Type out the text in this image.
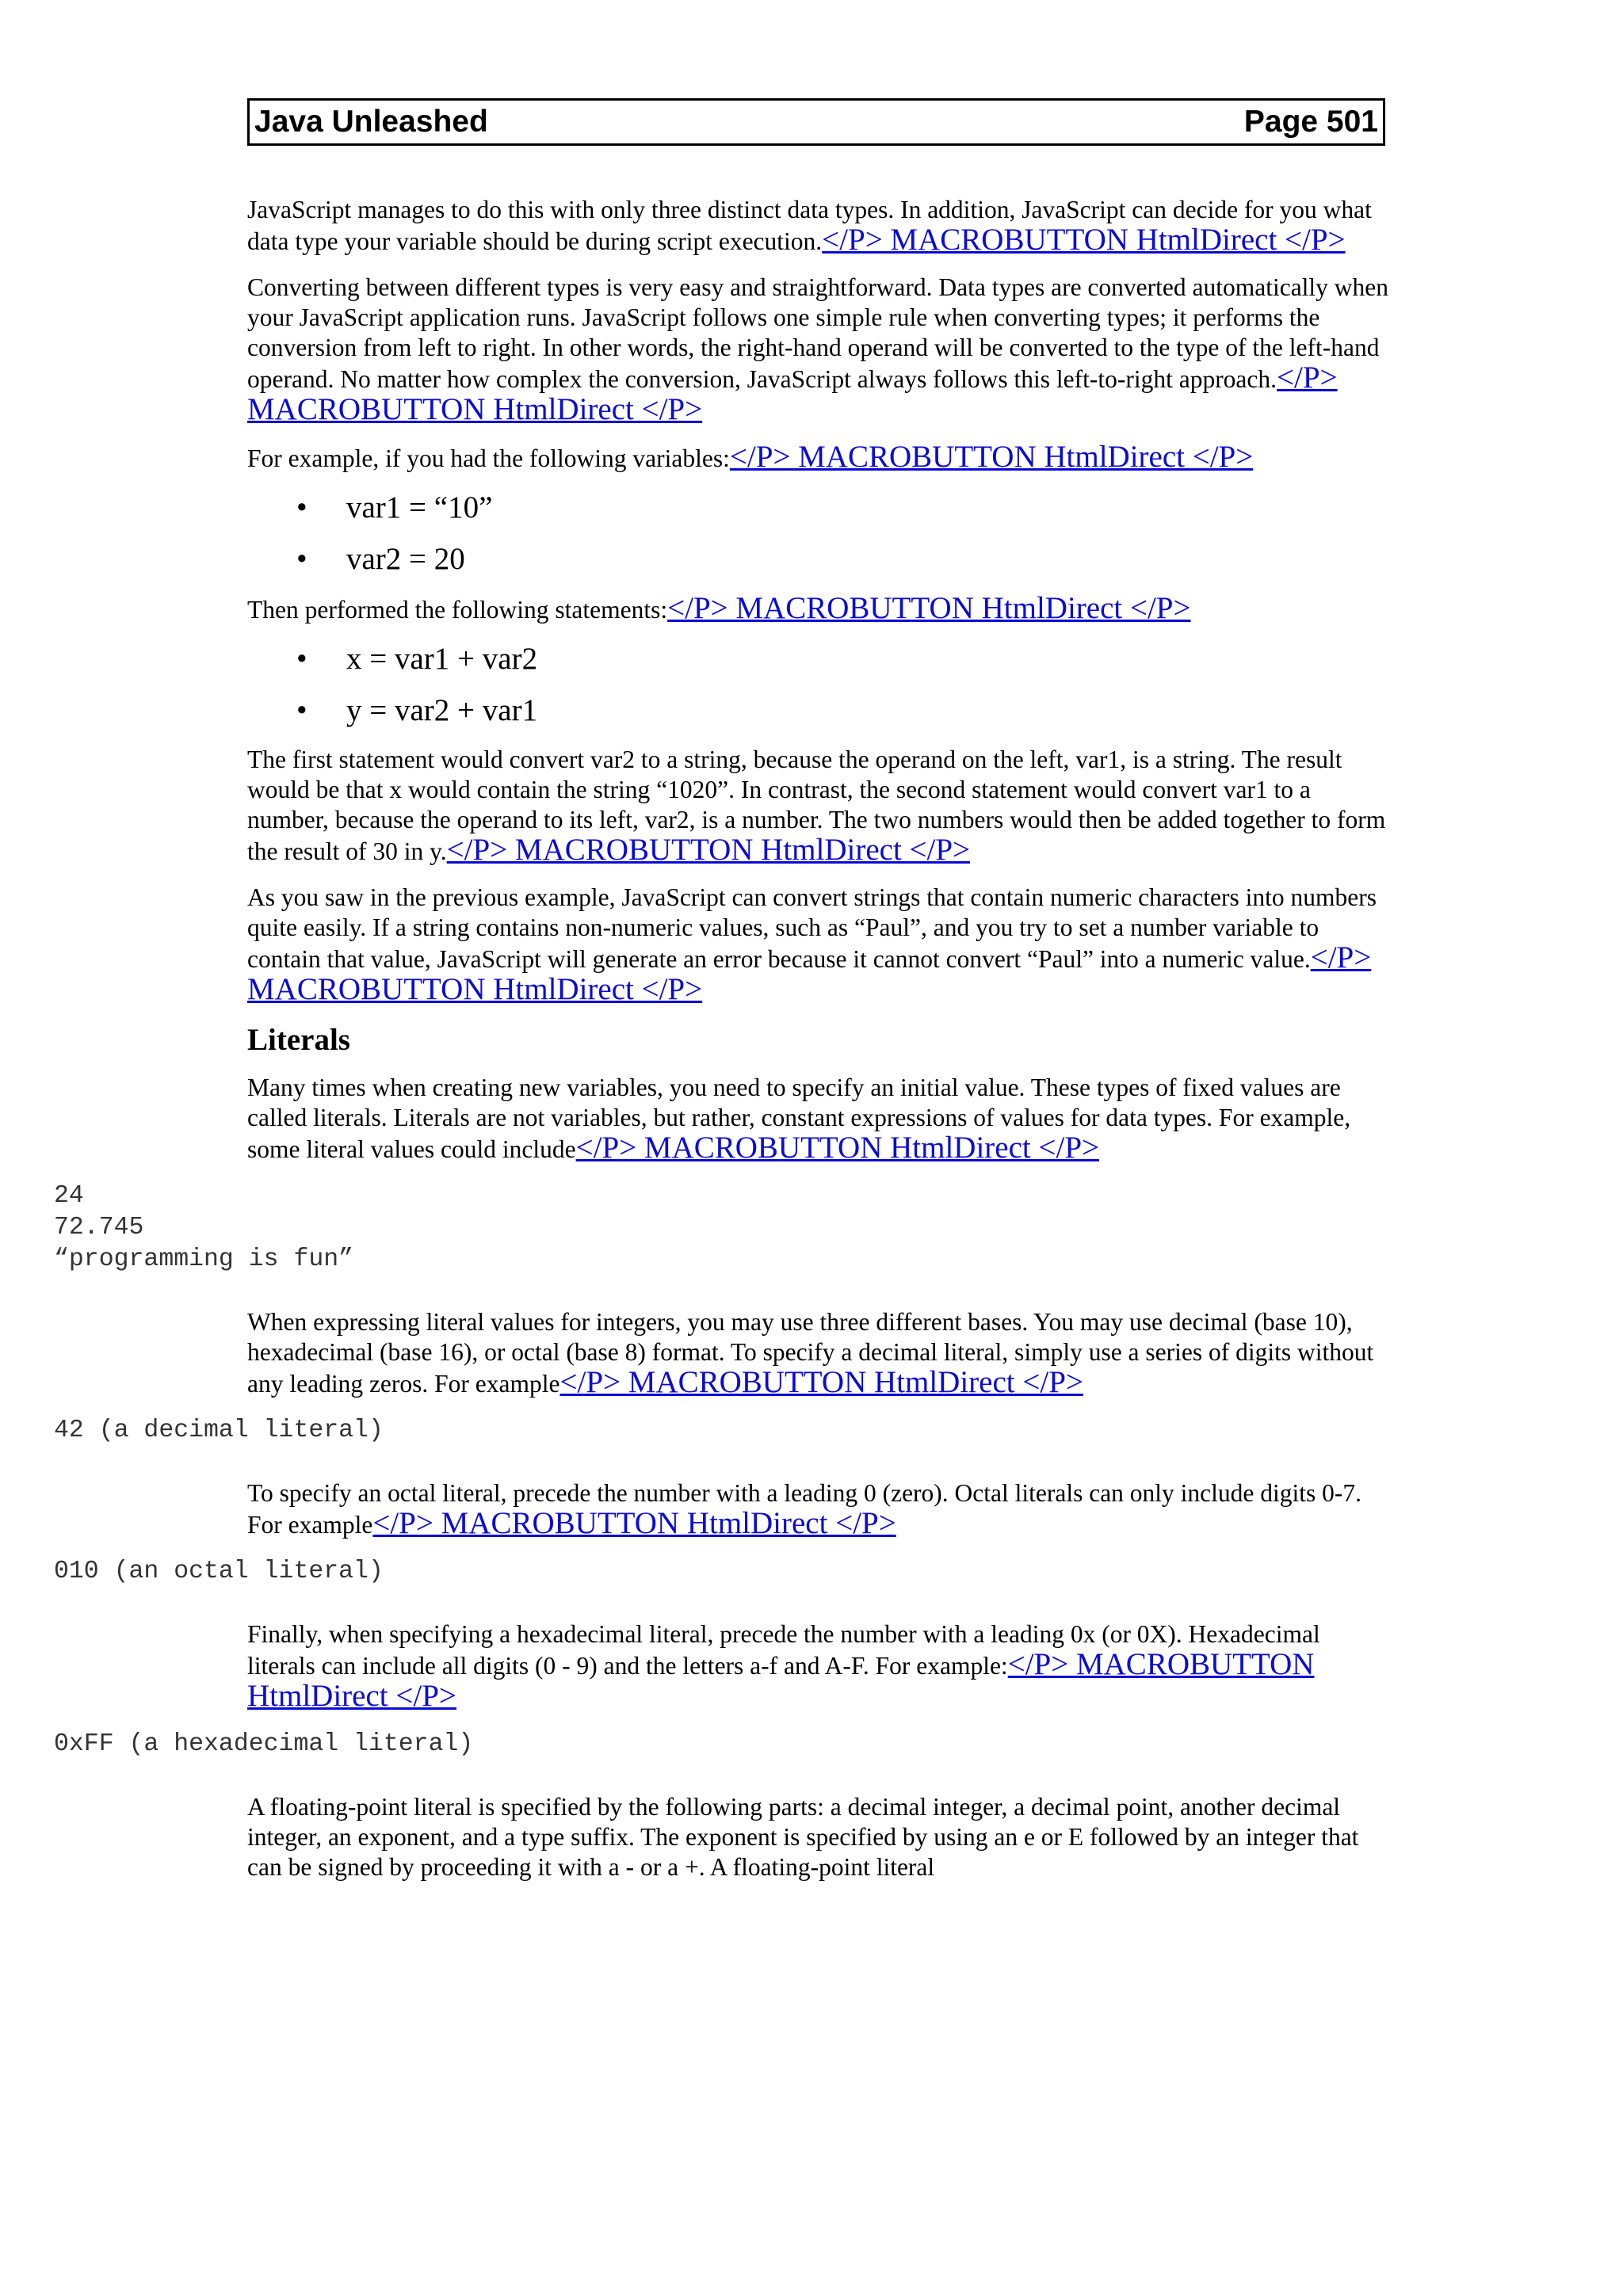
Java Unleashed	Page 501

JavaScript manages to do this with only three distinct data types. In addition, JavaScript can decide for you what data type your variable should be during script execution.</P> MACROBUTTON HtmlDirect </P>

Converting between different types is very easy and straightforward. Data types are converted automatically when your JavaScript application runs. JavaScript follows one simple rule when converting types; it performs the conversion from left to right. In other words, the right-hand operand will be converted to the type of the left-hand operand. No matter how complex the conversion, JavaScript always follows this left-to-right approach.</P> MACROBUTTON HtmlDirect </P>

For example, if you had the following variables:</P> MACROBUTTON HtmlDirect </P>

• var1 = “10”
• var2 = 20

Then performed the following statements:</P> MACROBUTTON HtmlDirect </P>

• x = var1 + var2
• y = var2 + var1

The first statement would convert var2 to a string, because the operand on the left, var1, is a string. The result would be that x would contain the string “1020”. In contrast, the second statement would convert var1 to a number, because the operand to its left, var2, is a number. The two numbers would then be added together to form the result of 30 in y.</P> MACROBUTTON HtmlDirect </P>

As you saw in the previous example, JavaScript can convert strings that contain numeric characters into numbers quite easily. If a string contains non-numeric values, such as “Paul”, and you try to set a number variable to contain that value, JavaScript will generate an error because it cannot convert “Paul” into a numeric value.</P> MACROBUTTON HtmlDirect </P>

Literals

Many times when creating new variables, you need to specify an initial value. These types of fixed values are called literals. Literals are not variables, but rather, constant expressions of values for data types. For example, some literal values could include</P> MACROBUTTON HtmlDirect </P>

24
72.745
“programming is fun”

When expressing literal values for integers, you may use three different bases. You may use decimal (base 10), hexadecimal (base 16), or octal (base 8) format. To specify a decimal literal, simply use a series of digits without any leading zeros. For example</P> MACROBUTTON HtmlDirect </P>

42 (a decimal literal)

To specify an octal literal, precede the number with a leading 0 (zero). Octal literals can only include digits 0-7. For example</P> MACROBUTTON HtmlDirect </P>

010 (an octal literal)

Finally, when specifying a hexadecimal literal, precede the number with a leading 0x (or 0X). Hexadecimal literals can include all digits (0 - 9) and the letters a-f and A-F. For example:</P> MACROBUTTON HtmlDirect </P>

0xFF (a hexadecimal literal)

A floating-point literal is specified by the following parts: a decimal integer, a decimal point, another decimal integer, an exponent, and a type suffix. The exponent is specified by using an e or E followed by an integer that can be signed by proceeding it with a - or a +. A floating-point literal
